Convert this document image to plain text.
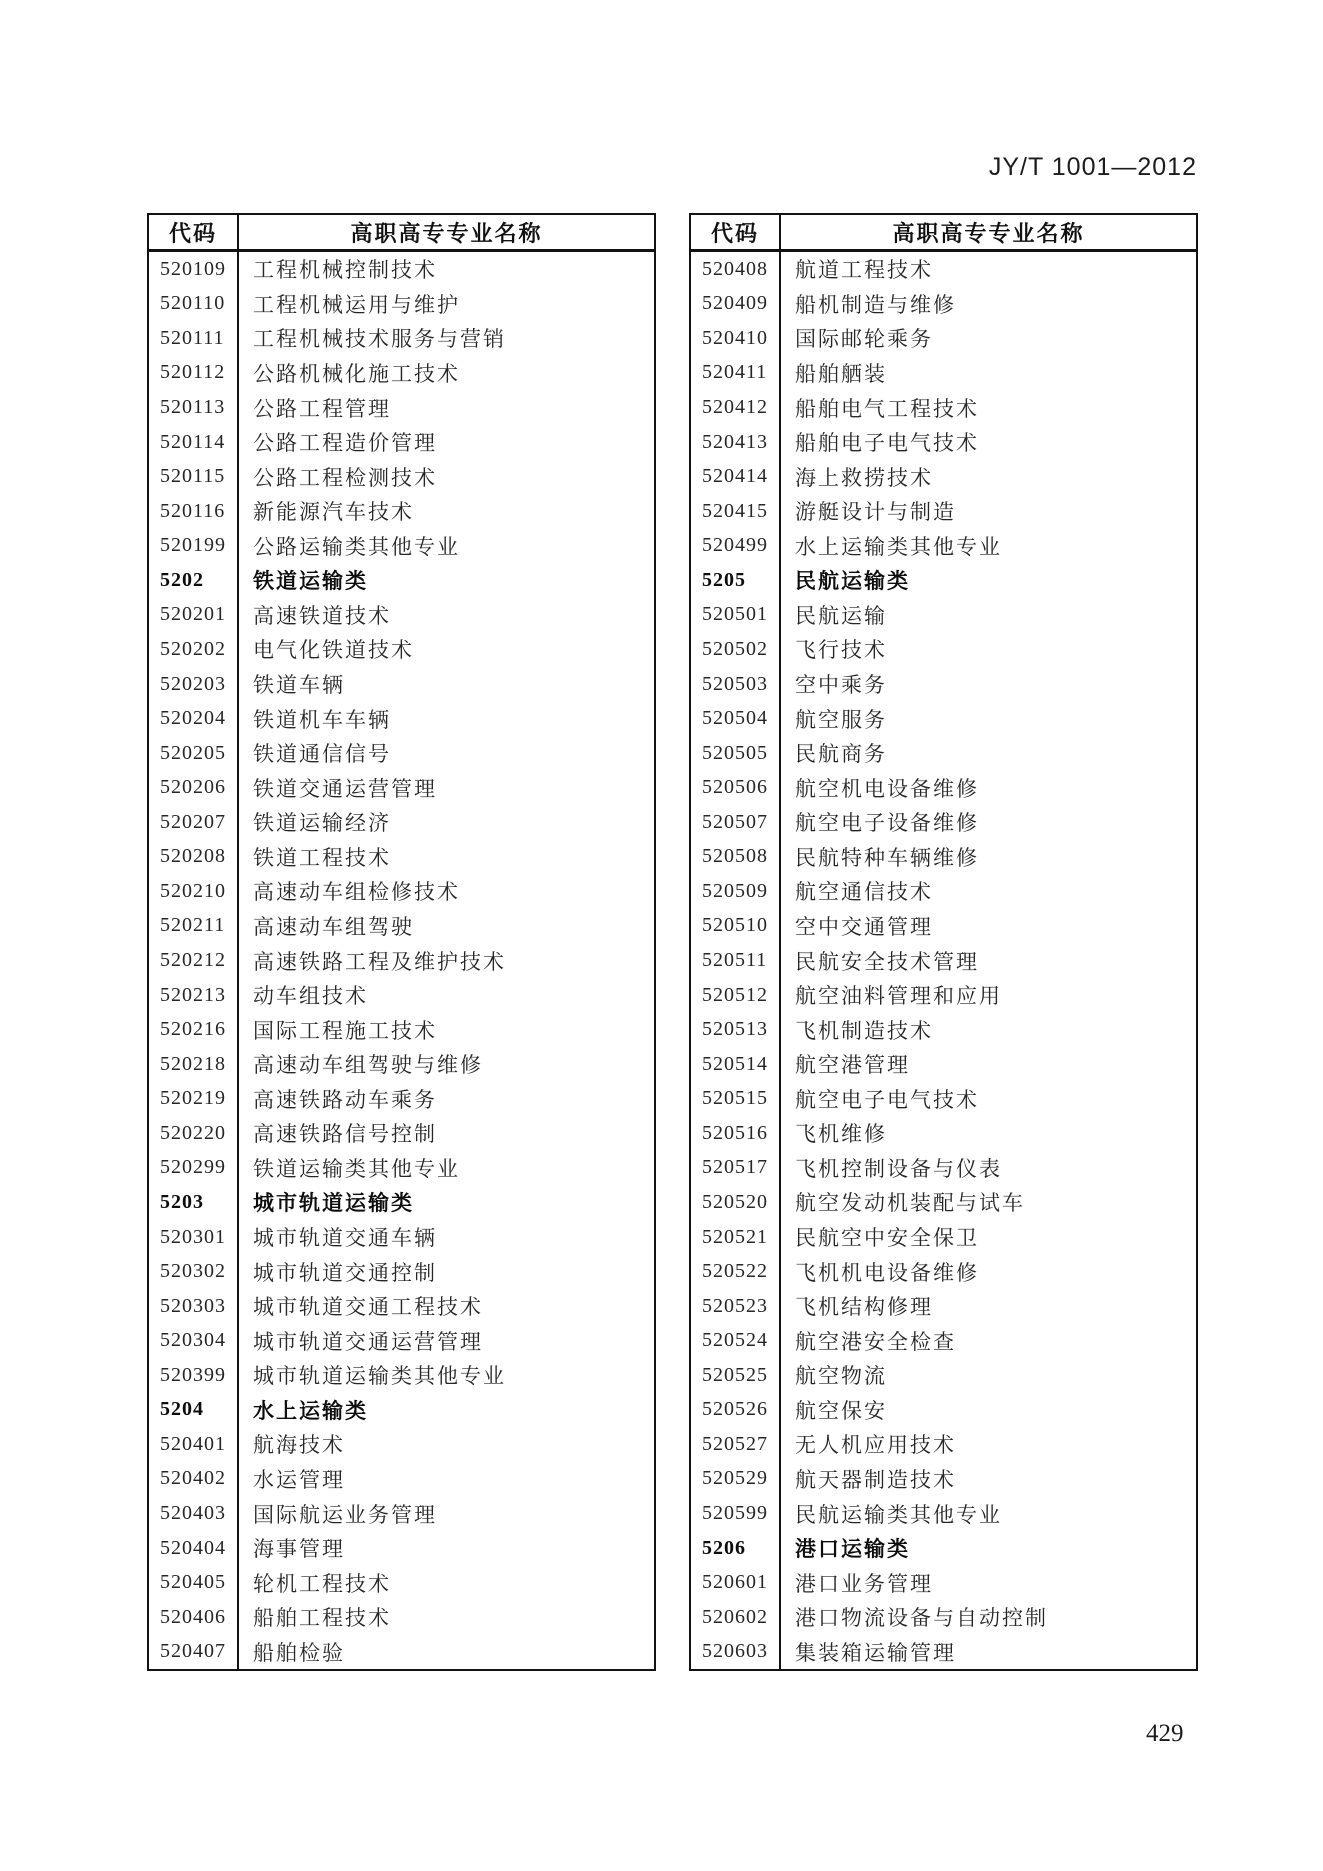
JY/T 1001—2012
代码	高职高专专业名称
520109	工程机械控制技术
520110	工程机械运用与维护
520111	工程机械技术服务与营销
520112	公路机械化施工技术
520113	公路工程管理
520114	公路工程造价管理
520115	公路工程检测技术
520116	新能源汽车技术
520199	公路运输类其他专业
5202	铁道运输类
520201	高速铁道技术
520202	电气化铁道技术
520203	铁道车辆
520204	铁道机车车辆
520205	铁道通信信号
520206	铁道交通运营管理
520207	铁道运输经济
520208	铁道工程技术
520210	高速动车组检修技术
520211	高速动车组驾驶
520212	高速铁路工程及维护技术
520213	动车组技术
520216	国际工程施工技术
520218	高速动车组驾驶与维修
520219	高速铁路动车乘务
520220	高速铁路信号控制
520299	铁道运输类其他专业
5203	城市轨道运输类
520301	城市轨道交通车辆
520302	城市轨道交通控制
520303	城市轨道交通工程技术
520304	城市轨道交通运营管理
520399	城市轨道运输类其他专业
5204	水上运输类
520401	航海技术
520402	水运管理
520403	国际航运业务管理
520404	海事管理
520405	轮机工程技术
520406	船舶工程技术
520407	船舶检验
代码	高职高专专业名称
520408	航道工程技术
520409	船机制造与维修
520410	国际邮轮乘务
520411	船舶舾装
520412	船舶电气工程技术
520413	船舶电子电气技术
520414	海上救捞技术
520415	游艇设计与制造
520499	水上运输类其他专业
5205	民航运输类
520501	民航运输
520502	飞行技术
520503	空中乘务
520504	航空服务
520505	民航商务
520506	航空机电设备维修
520507	航空电子设备维修
520508	民航特种车辆维修
520509	航空通信技术
520510	空中交通管理
520511	民航安全技术管理
520512	航空油料管理和应用
520513	飞机制造技术
520514	航空港管理
520515	航空电子电气技术
520516	飞机维修
520517	飞机控制设备与仪表
520520	航空发动机装配与试车
520521	民航空中安全保卫
520522	飞机机电设备维修
520523	飞机结构修理
520524	航空港安全检查
520525	航空物流
520526	航空保安
520527	无人机应用技术
520529	航天器制造技术
520599	民航运输类其他专业
5206	港口运输类
520601	港口业务管理
520602	港口物流设备与自动控制
520603	集装箱运输管理
429
